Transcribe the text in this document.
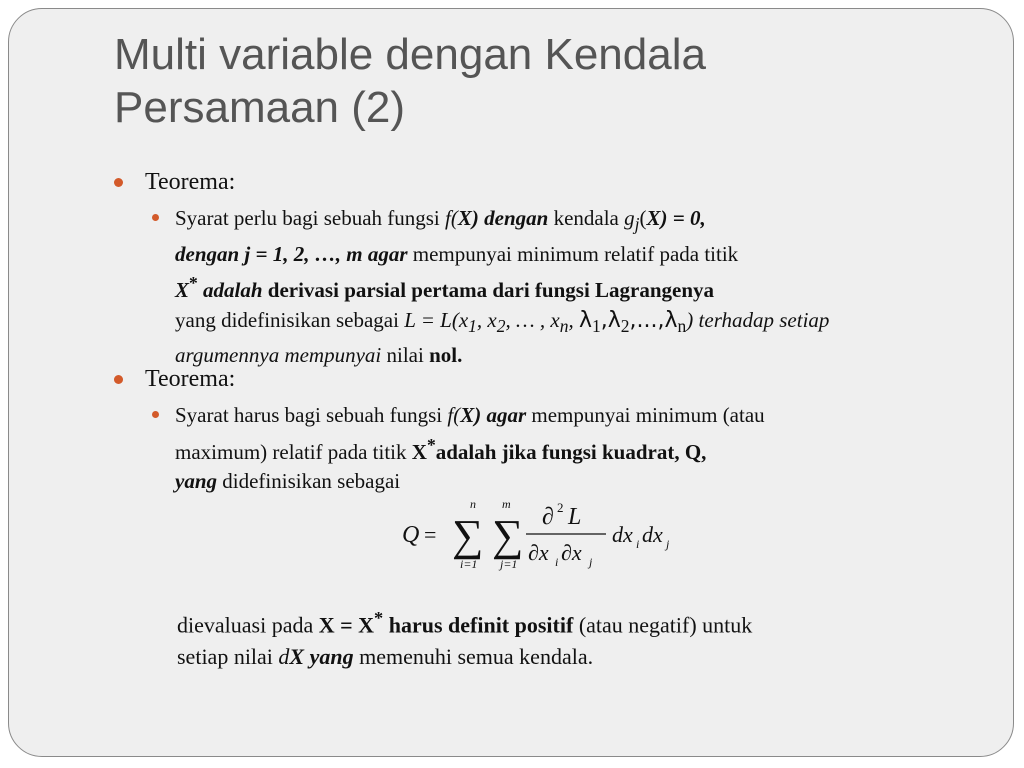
Multi variable dengan Kendala
Persamaan (2)
Teorema:
Syarat perlu bagi sebuah fungsi f(X) dengan kendala $g_j(X) = 0$,
dengan j = 1, 2, …, m agar mempunyai minimum relatif pada titik
X* adalah derivasi parsial pertama dari fungsi Lagrangenya
yang didefinisikan sebagai $L = L(x_1$, $x_2$, … , $x_n$, $\lambda_1,\lambda_2,...,\lambda_n$) terhadap setiap
argumennya mempunyai nilai nol.
Teorema:
Syarat harus bagi sebuah fungsi f(X) agar mempunyai minimum (atau
maximum) relatif pada titik X*adalah jika fungsi kuadrat, Q,
yang didefinisikan sebagai
Q =
n
∑
i=1
m
∑
j=1
∂ 2 L
∂x i ∂x j
dx i dx j
dievaluasi pada X = X* harus definit positif (atau negatif) untuk
setiap nilai dX yang memenuhi semua kendala.
